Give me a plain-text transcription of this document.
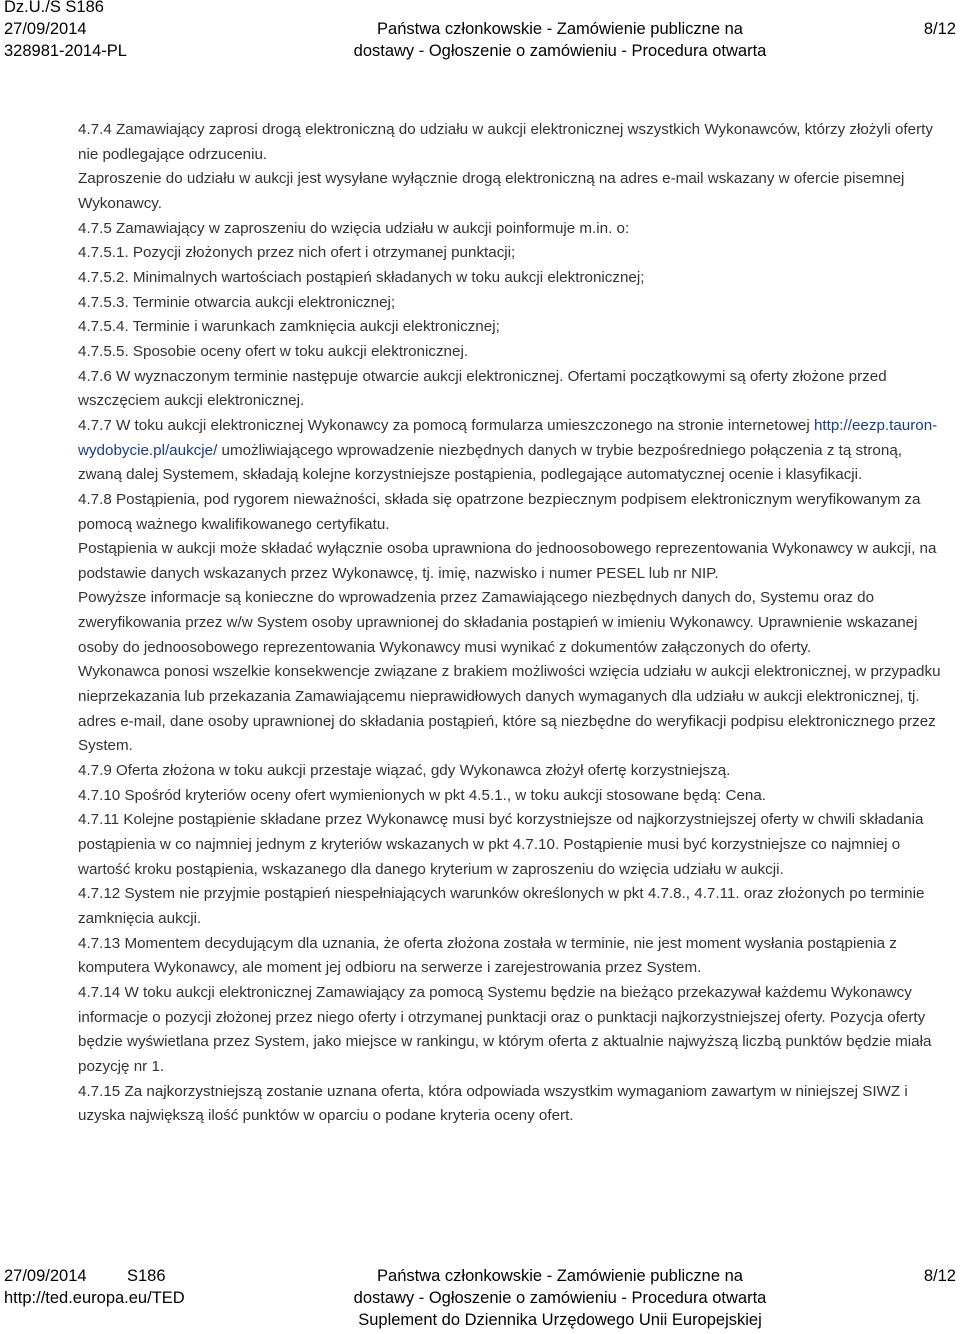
Dz.U./S S186
27/09/2014
328981-2014-PL
Państwa członkowskie - Zamówienie publiczne na
dostawy - Ogłoszenie o zamówieniu - Procedura otwarta
8/12

4.7.4 Zamawiający zaprosi drogą elektroniczną do udziału w aukcji elektronicznej wszystkich Wykonawców, którzy złożyli oferty nie podlegające odrzuceniu.

Zaproszenie do udziału w aukcji jest wysyłane wyłącznie drogą elektroniczną na adres e-mail wskazany w ofercie pisemnej Wykonawcy.

4.7.5 Zamawiający w zaproszeniu do wzięcia udziału w aukcji poinformuje m.in. o:

4.7.5.1. Pozycji złożonych przez nich ofert i otrzymanej punktacji;

4.7.5.2. Minimalnych wartościach postąpień składanych w toku aukcji elektronicznej;

4.7.5.3. Terminie otwarcia aukcji elektronicznej;

4.7.5.4. Terminie i warunkach zamknięcia aukcji elektronicznej;

4.7.5.5. Sposobie oceny ofert w toku aukcji elektronicznej.

4.7.6 W wyznaczonym terminie następuje otwarcie aukcji elektronicznej. Ofertami początkowymi są oferty złożone przed wszczęciem aukcji elektronicznej.

4.7.7 W toku aukcji elektronicznej Wykonawcy za pomocą formularza umieszczonego na stronie internetowej http://eezp.tauron-wydobycie.pl/aukcje/ umożliwiającego wprowadzenie niezbędnych danych w trybie bezpośredniego połączenia z tą stroną, zwaną dalej Systemem, składają kolejne korzystniejsze postąpienia, podlegające automatycznej ocenie i klasyfikacji.

4.7.8 Postąpienia, pod rygorem nieważności, składa się opatrzone bezpiecznym podpisem elektronicznym weryfikowanym za pomocą ważnego kwalifikowanego certyfikatu.

Postąpienia w aukcji może składać wyłącznie osoba uprawniona do jednoosobowego reprezentowania Wykonawcy w aukcji, na podstawie danych wskazanych przez Wykonawcę, tj. imię, nazwisko i numer PESEL lub nr NIP.

Powyższe informacje są konieczne do wprowadzenia przez Zamawiającego niezbędnych danych do, Systemu oraz do zweryfikowania przez w/w System osoby uprawnionej do składania postąpień w imieniu Wykonawcy. Uprawnienie wskazanej osoby do jednoosobowego reprezentowania Wykonawcy musi wynikać z dokumentów załączonych do oferty.

Wykonawca ponosi wszelkie konsekwencje związane z brakiem możliwości wzięcia udziału w aukcji elektronicznej, w przypadku nieprzekazania lub przekazania Zamawiającemu nieprawidłowych danych wymaganych dla udziału w aukcji elektronicznej, tj. adres e-mail, dane osoby uprawnionej do składania postąpień, które są niezbędne do weryfikacji podpisu elektronicznego przez System.

4.7.9 Oferta złożona w toku aukcji przestaje wiązać, gdy Wykonawca złożył ofertę korzystniejszą.

4.7.10 Spośród kryteriów oceny ofert wymienionych w pkt 4.5.1., w toku aukcji stosowane będą: Cena.

4.7.11 Kolejne postąpienie składane przez Wykonawcę musi być korzystniejsze od najkorzystniejszej oferty w chwili składania postąpienia w co najmniej jednym z kryteriów wskazanych w pkt 4.7.10. Postąpienie musi być korzystniejsze co najmniej o wartość kroku postąpienia, wskazanego dla danego kryterium w zaproszeniu do wzięcia udziału w aukcji.

4.7.12 System nie przyjmie postąpień niespełniających warunków określonych w pkt 4.7.8., 4.7.11. oraz złożonych po terminie zamknięcia aukcji.

4.7.13 Momentem decydującym dla uznania, że oferta złożona została w terminie, nie jest moment wysłania postąpienia z komputera Wykonawcy, ale moment jej odbioru na serwerze i zarejestrowania przez System.

4.7.14 W toku aukcji elektronicznej Zamawiający za pomocą Systemu będzie na bieżąco przekazywał każdemu Wykonawcy informacje o pozycji złożonej przez niego oferty i otrzymanej punktacji oraz o punktacji najkorzystniejszej oferty. Pozycja oferty będzie wyświetlana przez System, jako miejsce w rankingu, w którym oferta z aktualnie najwyższą liczbą punktów będzie miała pozycję nr 1.

4.7.15 Za najkorzystniejszą zostanie uznana oferta, która odpowiada wszystkim wymaganiom zawartym w niniejszej SIWZ i uzyska największą ilość punktów w oparciu o podane kryteria oceny ofert.

27/09/2014 S186
http://ted.europa.eu/TED
Państwa członkowskie - Zamówienie publiczne na
dostawy - Ogłoszenie o zamówieniu - Procedura otwarta
Suplement do Dziennika Urzędowego Unii Europejskiej
8/12
